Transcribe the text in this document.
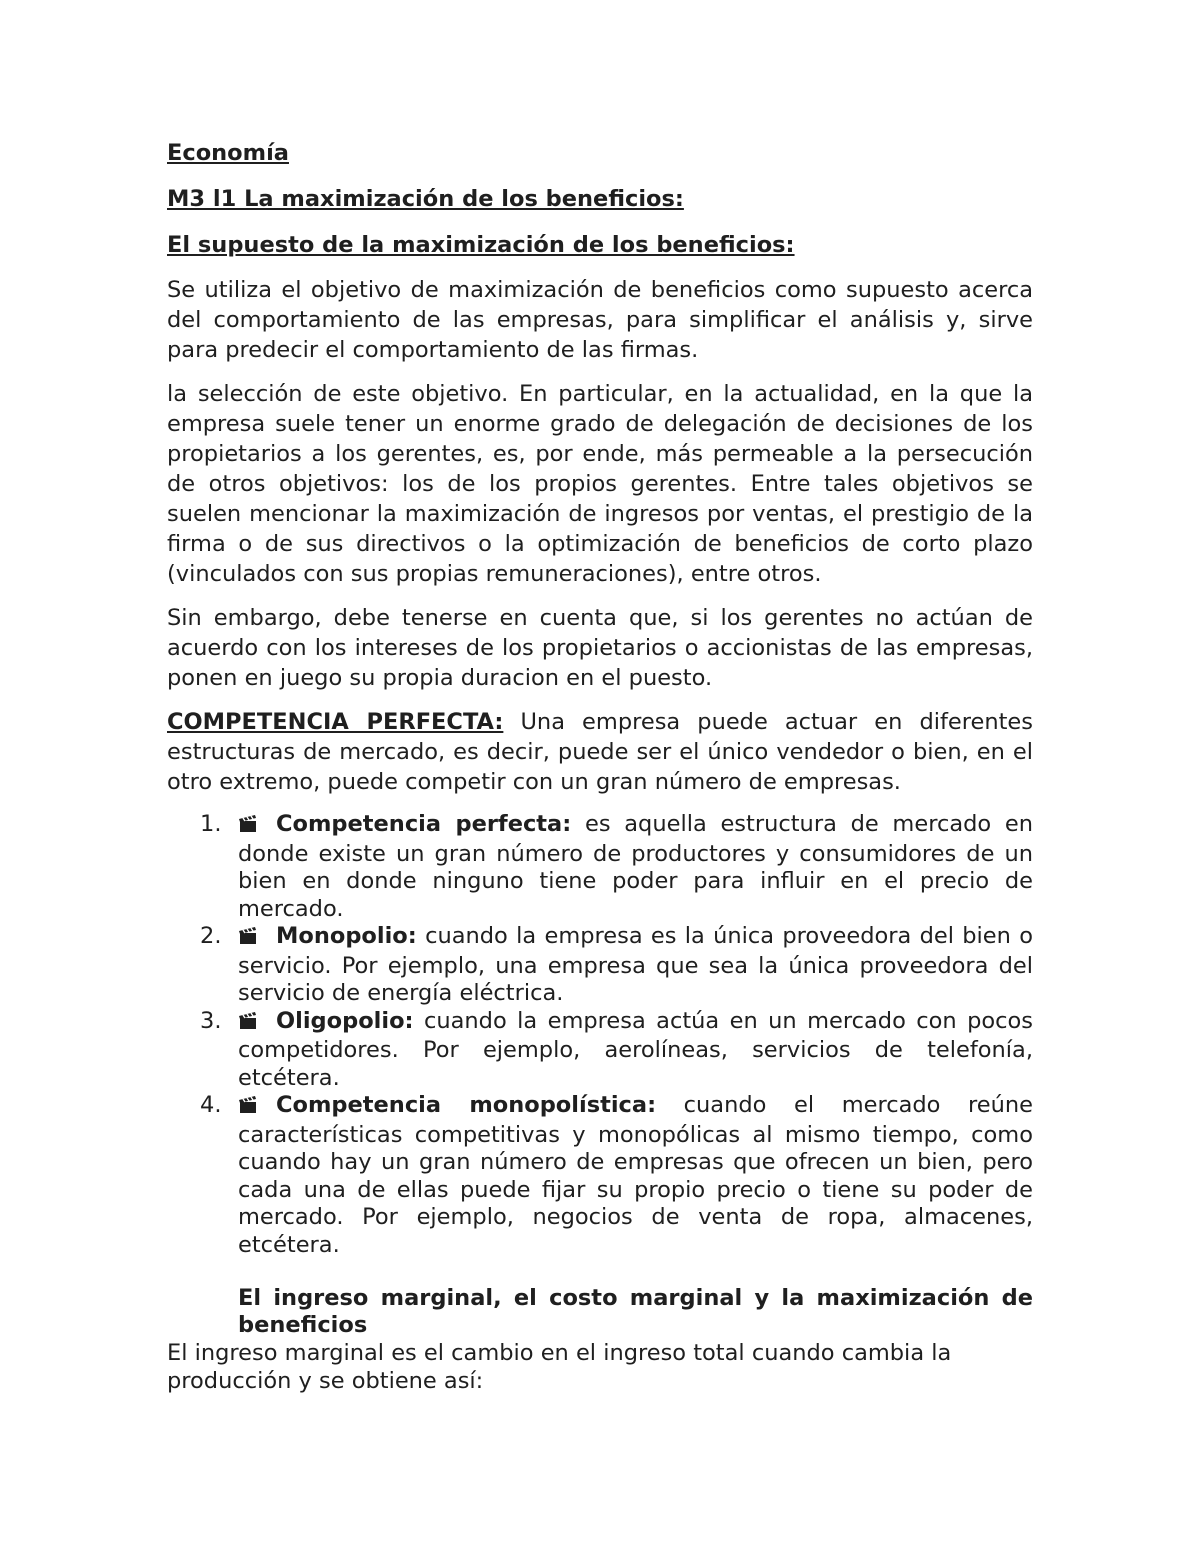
Economía

M3 l1 La maximización de los beneficios:

El supuesto de la maximización de los beneficios:

Se utiliza el objetivo de maximización de beneficios como supuesto acerca del comportamiento de las empresas, para simplificar el análisis y, sirve para predecir el comportamiento de las firmas.

la selección de este objetivo. En particular, en la actualidad, en la que la empresa suele tener un enorme grado de delegación de decisiones de los propietarios a los gerentes, es, por ende, más permeable a la persecución de otros objetivos: los de los propios gerentes. Entre tales objetivos se suelen mencionar la maximización de ingresos por ventas, el prestigio de la firma o de sus directivos o la optimización de beneficios de corto plazo (vinculados con sus propias remuneraciones), entre otros.

Sin embargo, debe tenerse en cuenta que, si los gerentes no actúan de acuerdo con los intereses de los propietarios o accionistas de las empresas, ponen en juego su propia duracion en el puesto.

COMPETENCIA PERFECTA: Una empresa puede actuar en diferentes estructuras de mercado, es decir, puede ser el único vendedor o bien, en el otro extremo, puede competir con un gran número de empresas.

1.	Competencia perfecta: es aquella estructura de mercado en donde existe un gran número de productores y consumidores de un bien en donde ninguno tiene poder para influir en el precio de mercado.
2.	Monopolio: cuando la empresa es la única proveedora del bien o servicio. Por ejemplo, una empresa que sea la única proveedora del servicio de energía eléctrica.
3.	Oligopolio: cuando la empresa actúa en un mercado con pocos competidores. Por ejemplo, aerolíneas, servicios de telefonía, etcétera.
4.	Competencia monopolística: cuando el mercado reúne características competitivas y monopólicas al mismo tiempo, como cuando hay un gran número de empresas que ofrecen un bien, pero cada una de ellas puede fijar su propio precio o tiene su poder de mercado. Por ejemplo, negocios de venta de ropa, almacenes, etcétera.

El ingreso marginal, el costo marginal y la maximización de beneficios

El ingreso marginal es el cambio en el ingreso total cuando cambia la producción y se obtiene así:
